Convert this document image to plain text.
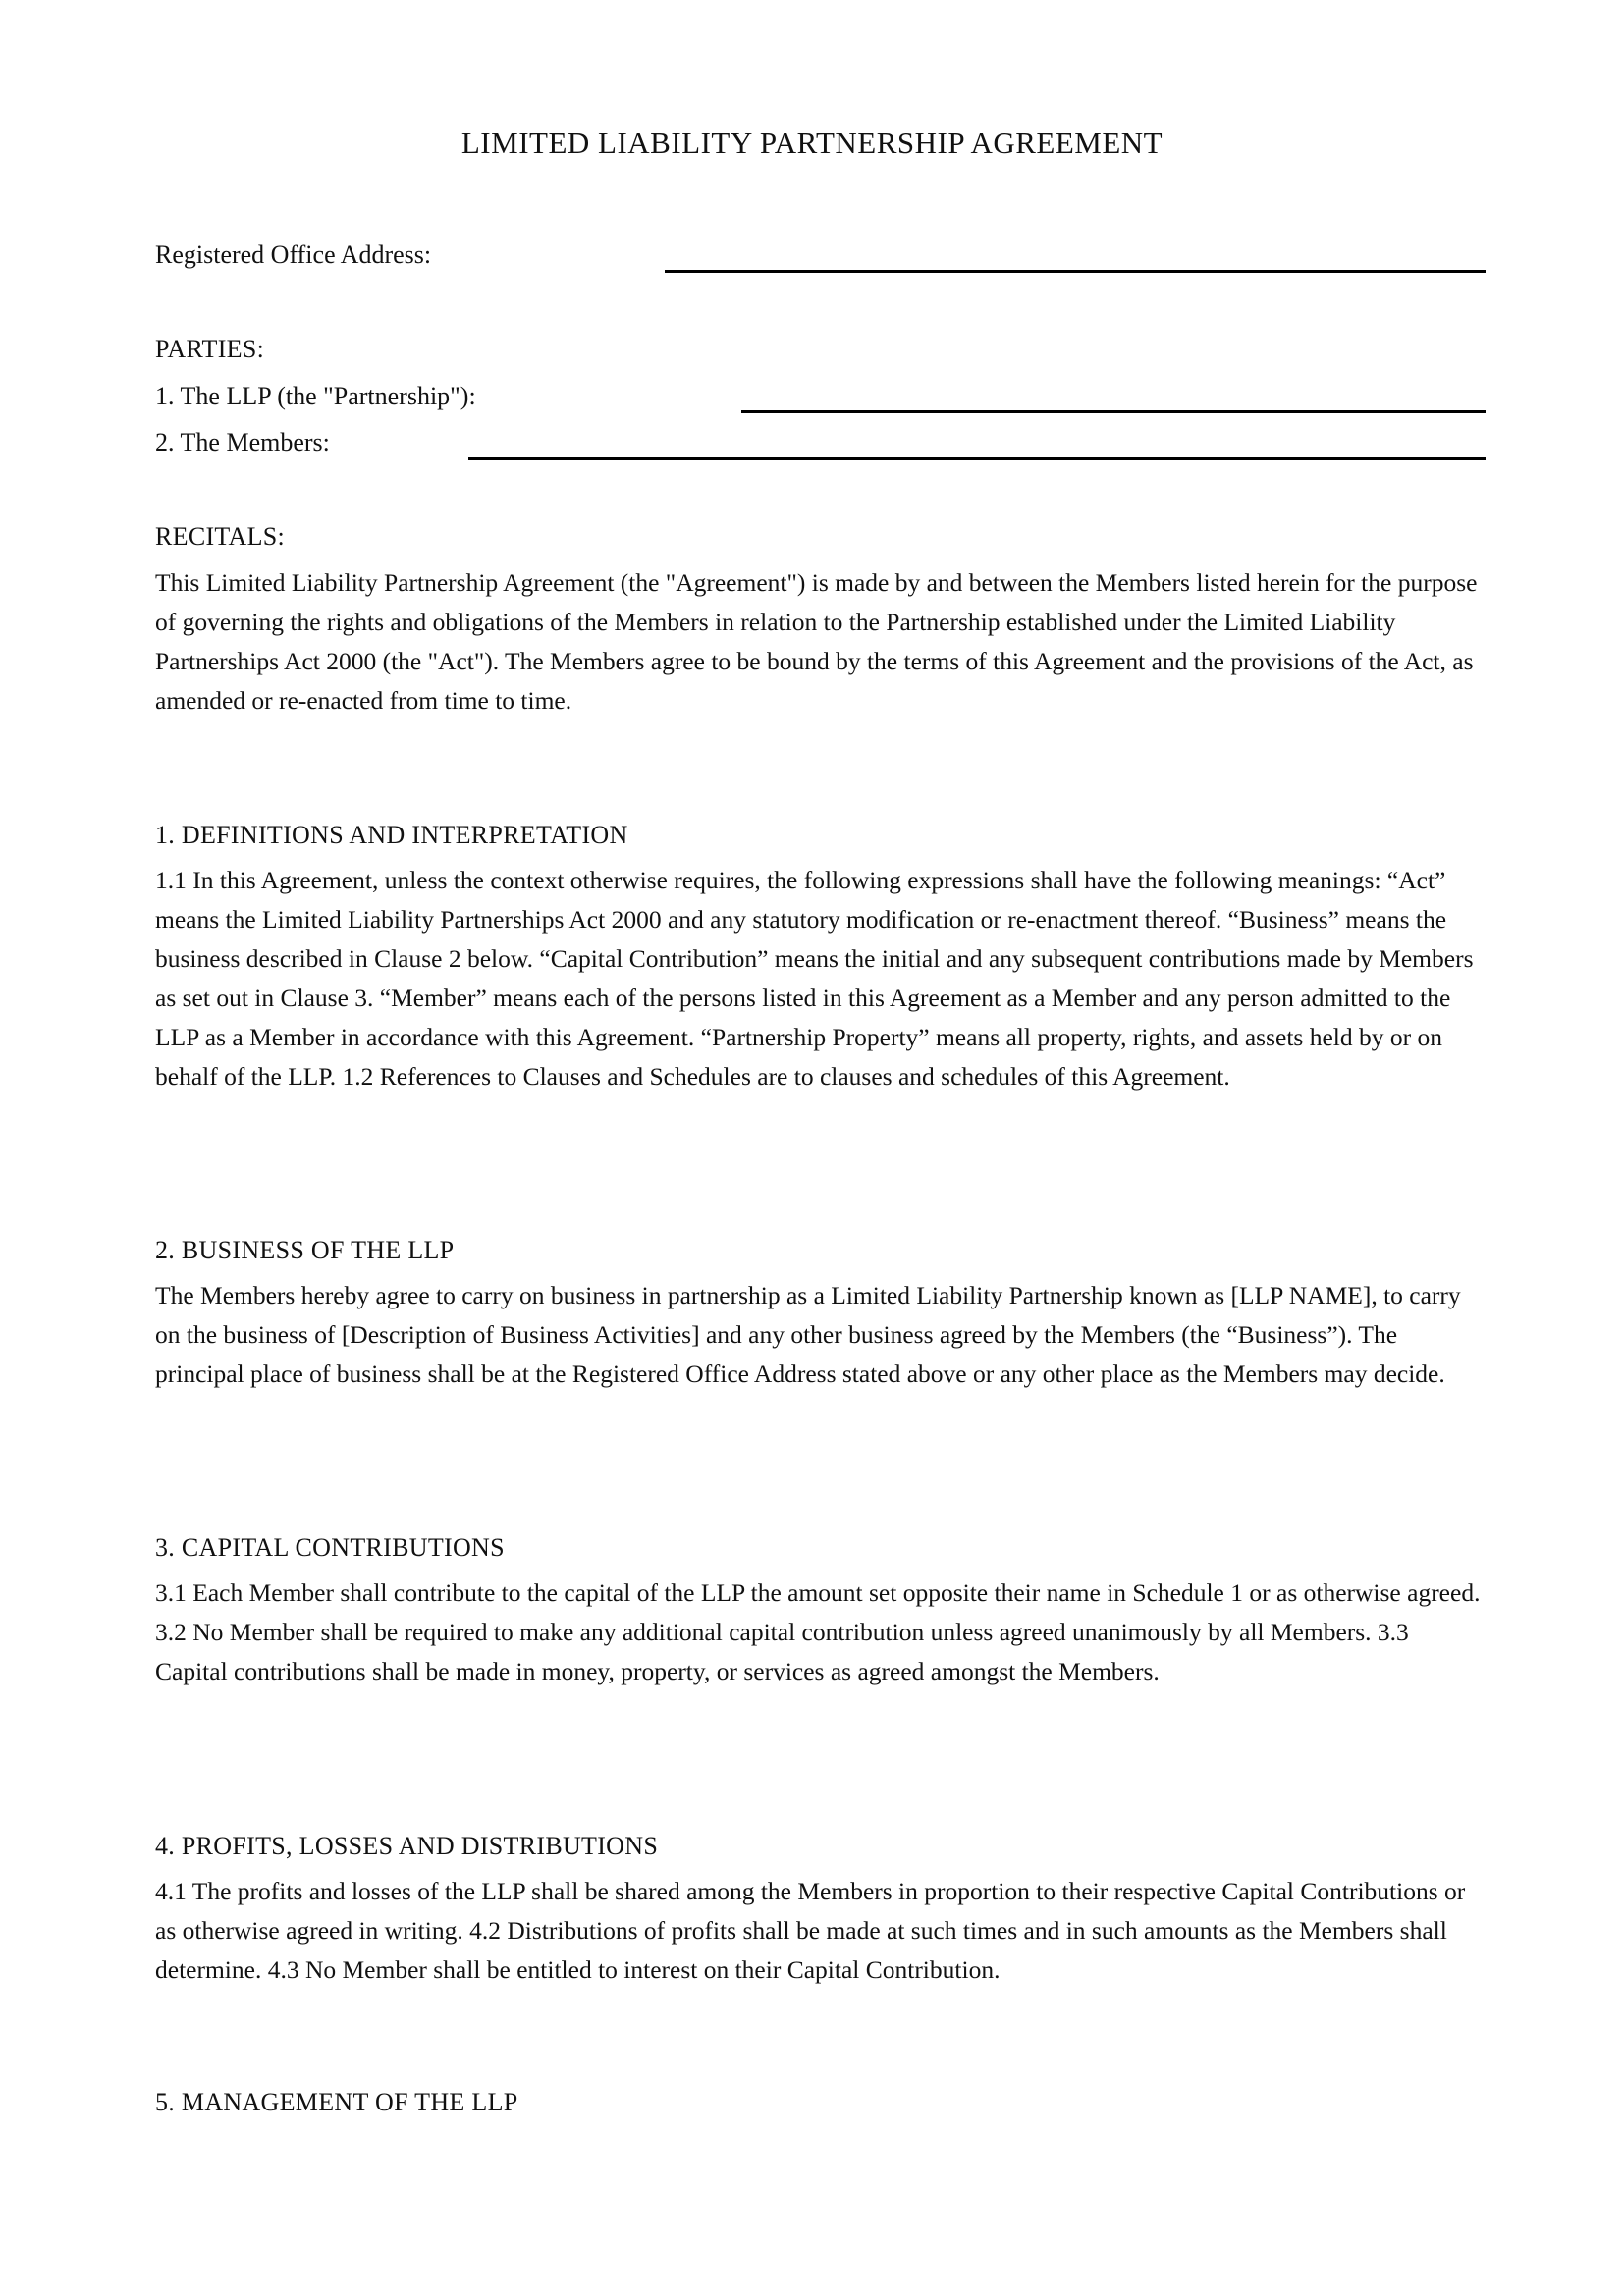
LIMITED LIABILITY PARTNERSHIP AGREEMENT
Registered Office Address:
PARTIES:
1. The LLP (the "Partnership"):
2. The Members:
RECITALS:
This Limited Liability Partnership Agreement (the "Agreement") is made by and between the Members listed herein for the purpose of governing the rights and obligations of the Members in relation to the Partnership established under the Limited Liability Partnerships Act 2000 (the "Act"). The Members agree to be bound by the terms of this Agreement and the provisions of the Act, as amended or re-enacted from time to time.
1. DEFINITIONS AND INTERPRETATION
1.1 In this Agreement, unless the context otherwise requires, the following expressions shall have the following meanings: “Act” means the Limited Liability Partnerships Act 2000 and any statutory modification or re-enactment thereof. “Business” means the business described in Clause 2 below. “Capital Contribution” means the initial and any subsequent contributions made by Members as set out in Clause 3. “Member” means each of the persons listed in this Agreement as a Member and any person admitted to the LLP as a Member in accordance with this Agreement. “Partnership Property” means all property, rights, and assets held by or on behalf of the LLP. 1.2 References to Clauses and Schedules are to clauses and schedules of this Agreement.
2. BUSINESS OF THE LLP
The Members hereby agree to carry on business in partnership as a Limited Liability Partnership known as [LLP NAME], to carry on the business of [Description of Business Activities] and any other business agreed by the Members (the “Business”). The principal place of business shall be at the Registered Office Address stated above or any other place as the Members may decide.
3. CAPITAL CONTRIBUTIONS
3.1 Each Member shall contribute to the capital of the LLP the amount set opposite their name in Schedule 1 or as otherwise agreed. 3.2 No Member shall be required to make any additional capital contribution unless agreed unanimously by all Members. 3.3 Capital contributions shall be made in money, property, or services as agreed amongst the Members.
4. PROFITS, LOSSES AND DISTRIBUTIONS
4.1 The profits and losses of the LLP shall be shared among the Members in proportion to their respective Capital Contributions or as otherwise agreed in writing. 4.2 Distributions of profits shall be made at such times and in such amounts as the Members shall determine. 4.3 No Member shall be entitled to interest on their Capital Contribution.
5. MANAGEMENT OF THE LLP
